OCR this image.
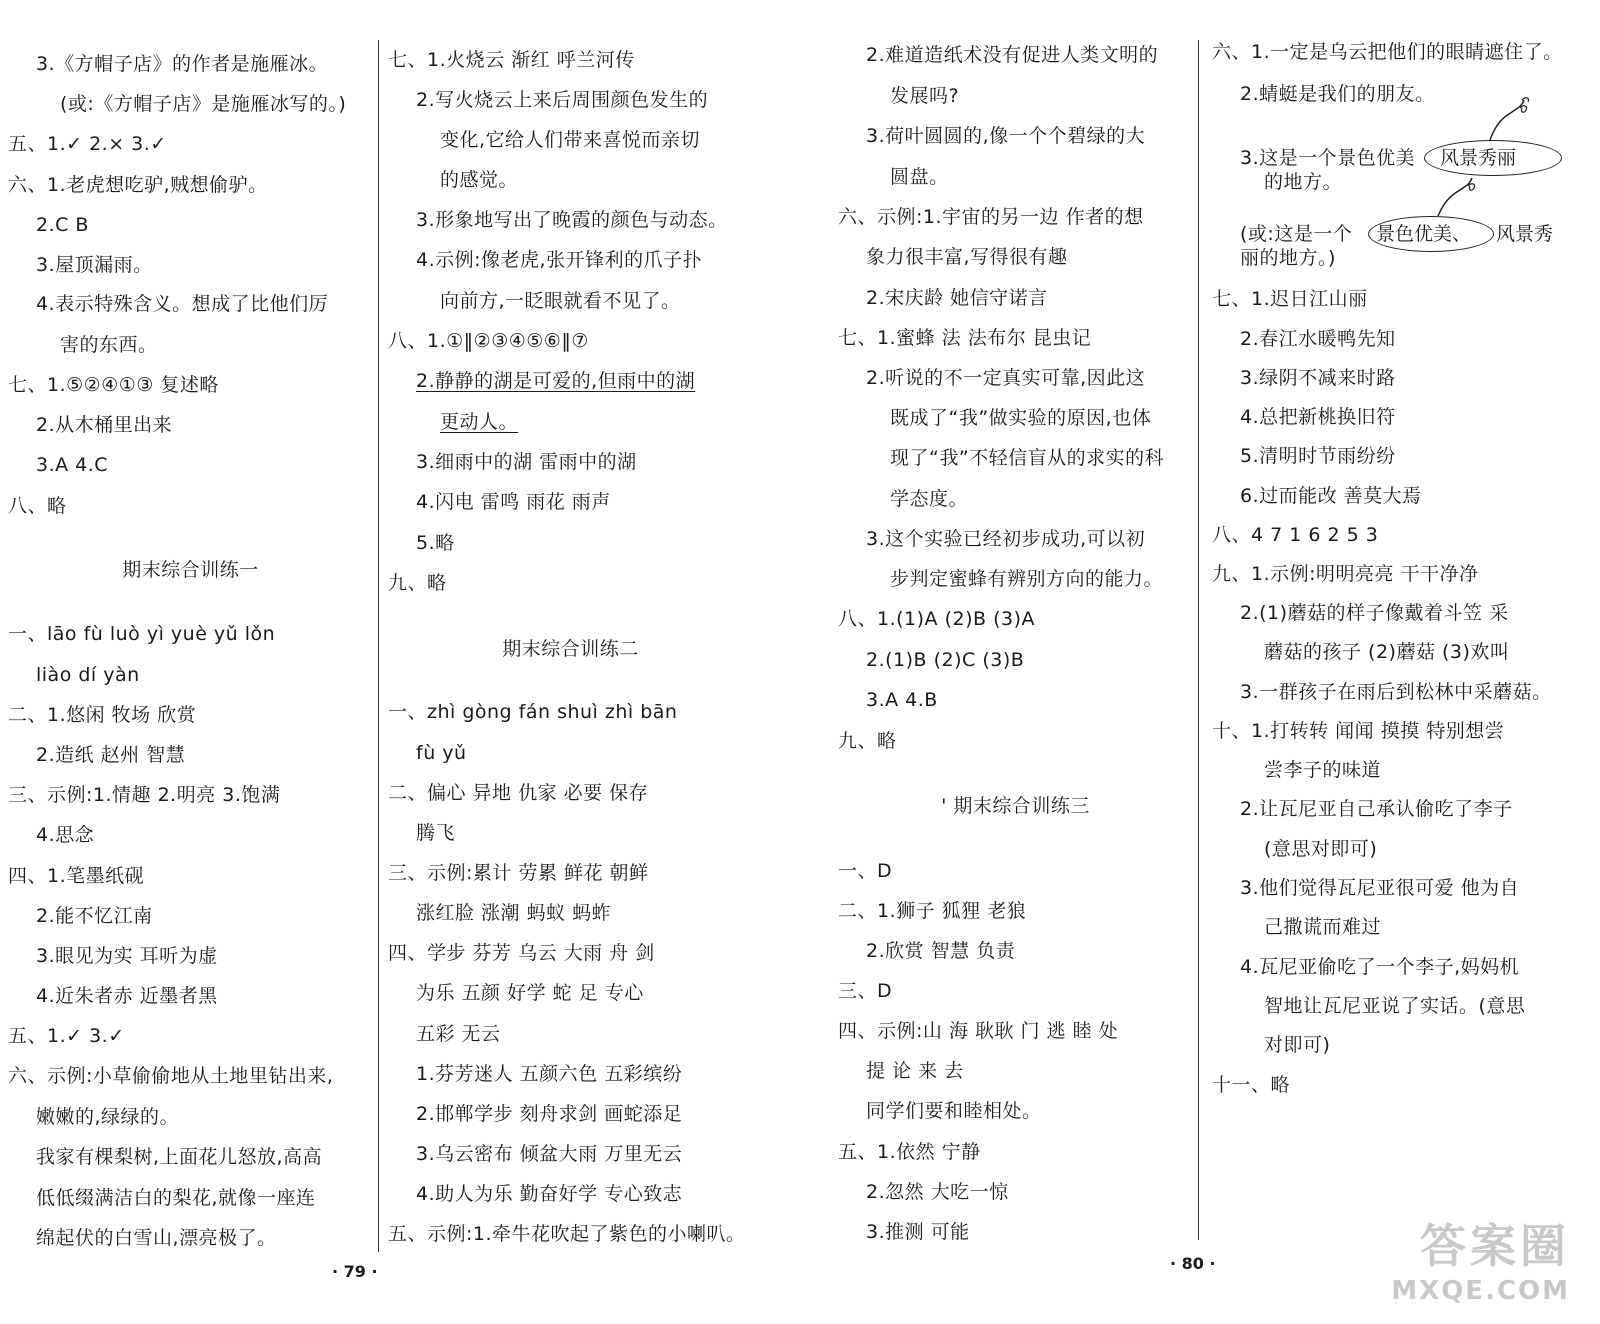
3.《方帽子店》的作者是施雁冰。
(或:《方帽子店》是施雁冰写的。)
五、1.✓ 2.× 3.✓
六、1.老虎想吃驴,贼想偷驴。
2.C B
3.屋顶漏雨。
4.表示特殊含义。想成了比他们厉
害的东西。
七、1.⑤②④①③ 复述略
2.从木桶里出来
3.A 4.C
八、略
期末综合训练一
一、lāo fù luò yì yuè yǔ lǒn
liào dí yàn
二、1.悠闲 牧场 欣赏
2.造纸 赵州 智慧
三、示例:1.情趣 2.明亮 3.饱满
4.思念
四、1.笔墨纸砚
2.能不忆江南
3.眼见为实 耳听为虚
4.近朱者赤 近墨者黑
五、1.✓ 3.✓
六、示例:小草偷偷地从土地里钻出来,
嫩嫩的,绿绿的。
我家有棵梨树,上面花儿怒放,高高
低低缀满洁白的梨花,就像一座连
绵起伏的白雪山,漂亮极了。
七、1.火烧云 渐红 呼兰河传
2.写火烧云上来后周围颜色发生的
变化,它给人们带来喜悦而亲切
的感觉。
3.形象地写出了晚霞的颜色与动态。
4.示例:像老虎,张开锋利的爪子扑
向前方,一眨眼就看不见了。
八、1.①‖②③④⑤⑥‖⑦
2.静静的湖是可爱的,但雨中的湖
更动人。
3.细雨中的湖 雷雨中的湖
4.闪电 雷鸣 雨花 雨声
5.略
九、略
期末综合训练二
一、zhì gòng fán shuì zhì bān
fù yǔ
二、偏心 异地 仇家 必要 保存
腾飞
三、示例:累计 劳累 鲜花 朝鲜
涨红脸 涨潮 蚂蚁 蚂蚱
四、学步 芬芳 乌云 大雨 舟 剑
为乐 五颜 好学 蛇 足 专心
五彩 无云
1.芬芳迷人 五颜六色 五彩缤纷
2.邯郸学步 刻舟求剑 画蛇添足
3.乌云密布 倾盆大雨 万里无云
4.助人为乐 勤奋好学 专心致志
五、示例:1.牵牛花吹起了紫色的小喇叭。
· 79 ·
2.难道造纸术没有促进人类文明的
发展吗?
3.荷叶圆圆的,像一个个碧绿的大
圆盘。
六、示例:1.宇宙的另一边 作者的想
象力很丰富,写得很有趣
2.宋庆龄 她信守诺言
七、1.蜜蜂 法 法布尔 昆虫记
2.听说的不一定真实可靠,因此这
既成了“我”做实验的原因,也体
现了“我”不轻信盲从的求实的科
学态度。
3.这个实验已经初步成功,可以初
步判定蜜蜂有辨别方向的能力。
八、1.(1)A (2)B (3)A
2.(1)B (2)C (3)B
3.A 4.B
九、略
' 期末综合训练三
一、D
二、1.狮子 狐狸 老狼
2.欣赏 智慧 负责
三、D
四、示例:山 海 耿耿 门 逃 睦 处
提 论 来 去
同学们要和睦相处。
五、1.依然 宁静
2.忽然 大吃一惊
3.推测 可能
六、1.一定是乌云把他们的眼睛遮住了。
2.蜻蜓是我们的朋友。
3.这是一个景色优美 风景秀丽
的地方。
(或:这是一个 景色优美、 风景秀
丽的地方。)
七、1.迟日江山丽
2.春江水暖鸭先知
3.绿阴不减来时路
4.总把新桃换旧符
5.清明时节雨纷纷
6.过而能改 善莫大焉
八、4 7 1 6 2 5 3
九、1.示例:明明亮亮 干干净净
2.(1)蘑菇的样子像戴着斗笠 采
蘑菇的孩子 (2)蘑菇 (3)欢叫
3.一群孩子在雨后到松林中采蘑菇。
十、1.打转转 闻闻 摸摸 特别想尝
尝李子的味道
2.让瓦尼亚自己承认偷吃了李子
(意思对即可)
3.他们觉得瓦尼亚很可爱 他为自
己撒谎而难过
4.瓦尼亚偷吃了一个李子,妈妈机
智地让瓦尼亚说了实话。(意思
对即可)
十一、略
· 80 ·	答案圈
MXQE.COM
